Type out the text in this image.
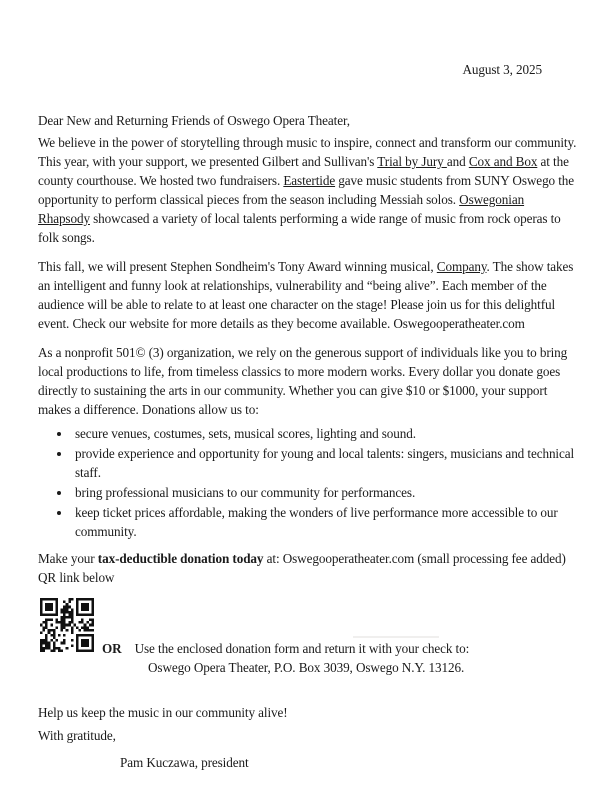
August 3, 2025

Dear New and Returning Friends of Oswego Opera Theater,

We believe in the power of storytelling through music to inspire, connect and transform our community. This year, with your support, we presented Gilbert and Sullivan's Trial by Jury and Cox and Box at the county courthouse. We hosted two fundraisers. Eastertide gave music students from SUNY Oswego the opportunity to perform classical pieces from the season including Messiah solos. Oswegonian Rhapsody showcased a variety of local talents performing a wide range of music from rock operas to folk songs.

This fall, we will present Stephen Sondheim's Tony Award winning musical, Company. The show takes an intelligent and funny look at relationships, vulnerability and “being alive”. Each member of the audience will be able to relate to at least one character on the stage! Please join us for this delightful event. Check our website for more details as they become available. Oswegooperatheater.com

As a nonprofit 501© (3) organization, we rely on the generous support of individuals like you to bring local productions to life, from timeless classics to more modern works. Every dollar you donate goes directly to sustaining the arts in our community. Whether you can give $10 or $1000, your support makes a difference. Donations allow us to:

• secure venues, costumes, sets, musical scores, lighting and sound.
• provide experience and opportunity for young and local talents: singers, musicians and technical staff.
• bring professional musicians to our community for performances.
• keep ticket prices affordable, making the wonders of live performance more accessible to our community.

Make your tax-deductible donation today at: Oswegooperatheater.com (small processing fee added) QR link below

OR Use the enclosed donation form and return it with your check to:
Oswego Opera Theater, P.O. Box 3039, Oswego N.Y. 13126.

Help us keep the music in our community alive!

With gratitude,

Pam Kuczawa, president
